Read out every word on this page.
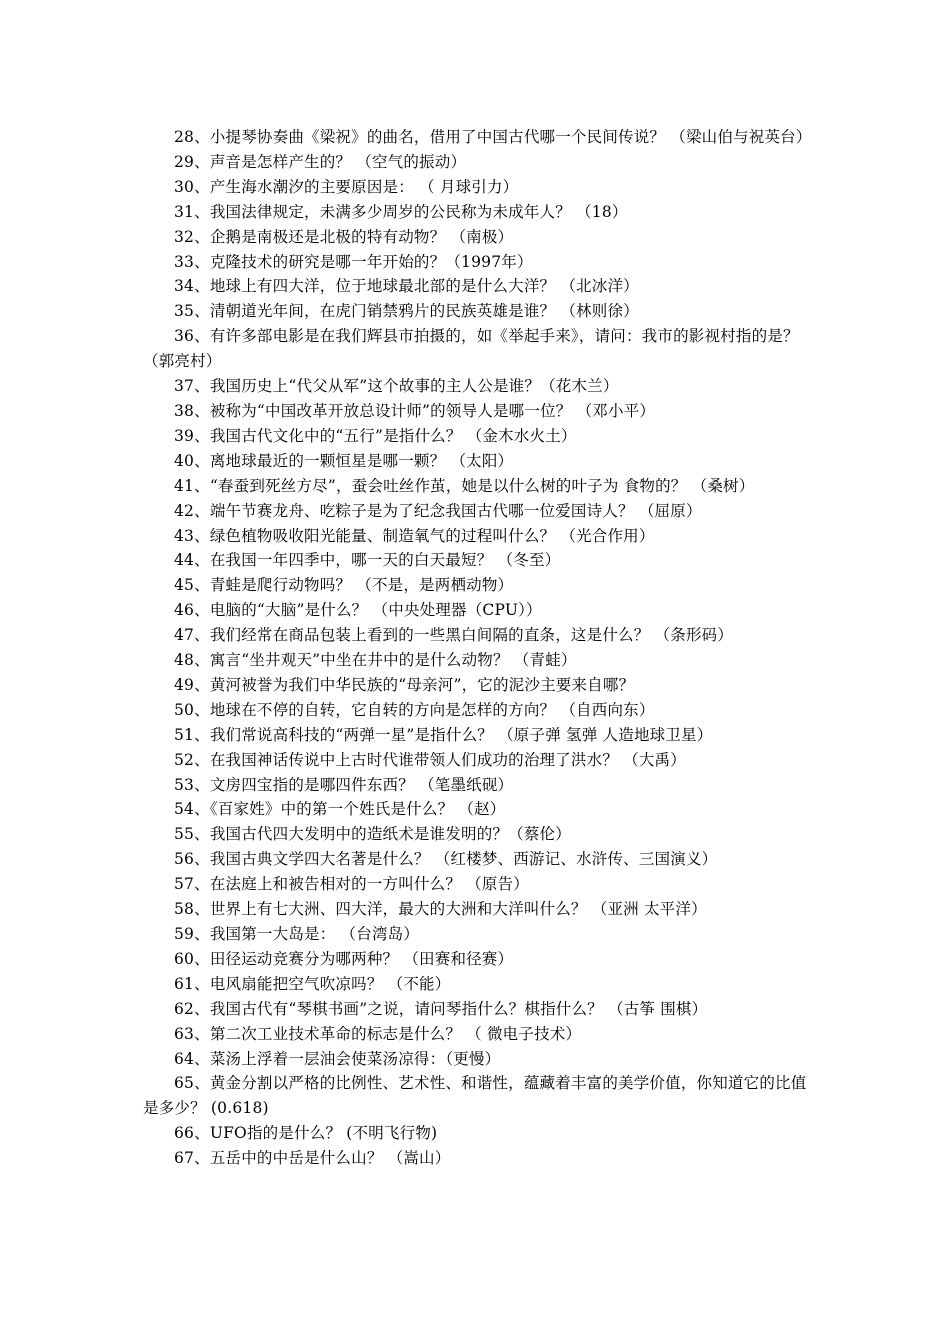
28、小提琴协奏曲《梁祝》的曲名，借用了中国古代哪一个民间传说？ （梁山伯与祝英台）

29、声音是怎样产生的？ （空气的振动）

30、产生海水潮汐的主要原因是： （ 月球引力）

31、我国法律规定，未满多少周岁的公民称为未成年人？ （18）

32、企鹅是南极还是北极的特有动物？ （南极）

33、克隆技术的研究是哪一年开始的？（1997年）

34、地球上有四大洋，位于地球最北部的是什么大洋？ （北冰洋）

35、清朝道光年间，在虎门销禁鸦片的民族英雄是谁？ （林则徐）

36、有许多部电影是在我们辉县市拍摄的，如《举起手来》，请问：我市的影视村指的是？（郭亮村）

37、我国历史上“代父从军”这个故事的主人公是谁？（花木兰）

38、被称为“中国改革开放总设计师”的领导人是哪一位？ （邓小平）

39、我国古代文化中的“五行”是指什么？ （金木水火土）

40、离地球最近的一颗恒星是哪一颗？ （太阳）

41、“春蚕到死丝方尽”，蚕会吐丝作茧，她是以什么树的叶子为 食物的？ （桑树）

42、端午节赛龙舟、吃粽子是为了纪念我国古代哪一位爱国诗人？ （屈原）

43、绿色植物吸收阳光能量、制造氧气的过程叫什么？ （光合作用）

44、在我国一年四季中，哪一天的白天最短？ （冬至）

45、青蛙是爬行动物吗？ （不是，是两栖动物）

46、电脑的“大脑”是什么？ （中央处理器（CPU））

47、我们经常在商品包装上看到的一些黑白间隔的直条，这是什么？ （条形码）

48、寓言“坐井观天”中坐在井中的是什么动物？ （青蛙）

49、黄河被誉为我们中华民族的“母亲河”，它的泥沙主要来自哪？

50、地球在不停的自转，它自转的方向是怎样的方向？ （自西向东）

51、我们常说高科技的“两弹一星”是指什么？ （原子弹 氢弹 人造地球卫星）

52、在我国神话传说中上古时代谁带领人们成功的治理了洪水？ （大禹）

53、文房四宝指的是哪四件东西？ （笔墨纸砚）

54、《百家姓》中的第一个姓氏是什么？ （赵）

55、我国古代四大发明中的造纸术是谁发明的？（蔡伦）

56、我国古典文学四大名著是什么？ （红楼梦、西游记、水浒传、三国演义）

57、在法庭上和被告相对的一方叫什么？ （原告）

58、世界上有七大洲、四大洋，最大的大洲和大洋叫什么？ （亚洲 太平洋）

59、我国第一大岛是： （台湾岛）

60、田径运动竞赛分为哪两种？ （田赛和径赛）

61、电风扇能把空气吹凉吗？ （不能）

62、我国古代有“琴棋书画”之说，请问琴指什么？棋指什么？ （古筝 围棋）

63、第二次工业技术革命的标志是什么？ （ 微电子技术）

64、菜汤上浮着一层油会使菜汤凉得：（更慢）

65、黄金分割以严格的比例性、艺术性、和谐性，蕴藏着丰富的美学价值，你知道它的比值是多少？ (0.618)

66、UFO指的是什么？ (不明飞行物)

67、五岳中的中岳是什么山？ （嵩山）
